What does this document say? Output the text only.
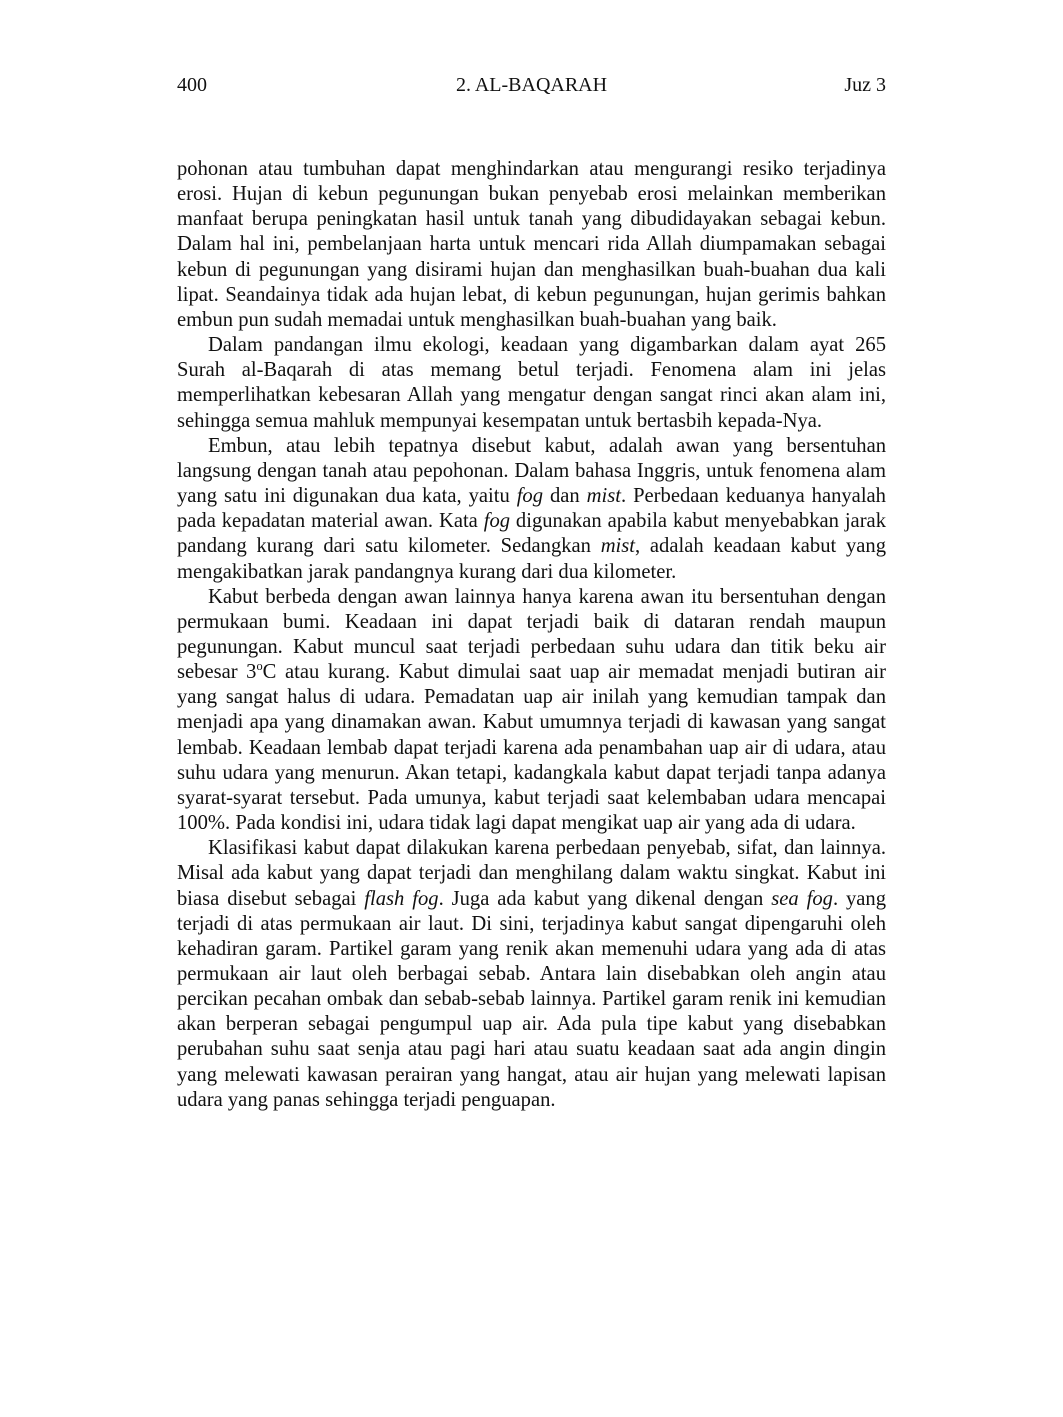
400	2. AL-BAQARAH	Juz 3

pohonan atau tumbuhan dapat menghindarkan atau mengurangi resiko terjadinya erosi. Hujan di kebun pegunungan bukan penyebab erosi melainkan memberikan manfaat berupa peningkatan hasil untuk tanah yang dibudidayakan sebagai kebun. Dalam hal ini, pembelanjaan harta untuk mencari rida Allah diumpamakan sebagai kebun di pegunungan yang disirami hujan dan menghasilkan buah-buahan dua kali lipat. Seandainya tidak ada hujan lebat, di kebun pegunungan, hujan gerimis bahkan embun pun sudah memadai untuk menghasilkan buah-buahan yang baik.

Dalam pandangan ilmu ekologi, keadaan yang digambarkan dalam ayat 265 Surah al-Baqarah di atas memang betul terjadi. Fenomena alam ini jelas memperlihatkan kebesaran Allah yang mengatur dengan sangat rinci akan alam ini, sehingga semua mahluk mempunyai kesempatan untuk bertasbih kepada-Nya.

Embun, atau lebih tepatnya disebut kabut, adalah awan yang bersentuhan langsung dengan tanah atau pepohonan. Dalam bahasa Inggris, untuk fenomena alam yang satu ini digunakan dua kata, yaitu fog dan mist. Perbedaan keduanya hanyalah pada kepadatan material awan. Kata fog digunakan apabila kabut menyebabkan jarak pandang kurang dari satu kilometer. Sedangkan mist, adalah keadaan kabut yang mengakibatkan jarak pandangnya kurang dari dua kilometer.

Kabut berbeda dengan awan lainnya hanya karena awan itu bersentuhan dengan permukaan bumi. Keadaan ini dapat terjadi baik di dataran rendah maupun pegunungan. Kabut muncul saat terjadi perbedaan suhu udara dan titik beku air sebesar 3$^o$C atau kurang. Kabut dimulai saat uap air memadat menjadi butiran air yang sangat halus di udara. Pemadatan uap air inilah yang kemudian tampak dan menjadi apa yang dinamakan awan. Kabut umumnya terjadi di kawasan yang sangat lembab. Keadaan lembab dapat terjadi karena ada penambahan uap air di udara, atau suhu udara yang menurun. Akan tetapi, kadangkala kabut dapat terjadi tanpa adanya syarat-syarat tersebut. Pada umunya, kabut terjadi saat kelembaban udara mencapai 100%. Pada kondisi ini, udara tidak lagi dapat mengikat uap air yang ada di udara.

Klasifikasi kabut dapat dilakukan karena perbedaan penyebab, sifat, dan lainnya. Misal ada kabut yang dapat terjadi dan menghilang dalam waktu singkat. Kabut ini biasa disebut sebagai flash fog. Juga ada kabut yang dikenal dengan sea fog. yang terjadi di atas permukaan air laut. Di sini, terjadinya kabut sangat dipengaruhi oleh kehadiran garam. Partikel garam yang renik akan memenuhi udara yang ada di atas permukaan air laut oleh berbagai sebab. Antara lain disebabkan oleh angin atau percikan pecahan ombak dan sebab-sebab lainnya. Partikel garam renik ini kemudian akan berperan sebagai pengumpul uap air. Ada pula tipe kabut yang disebabkan perubahan suhu saat senja atau pagi hari atau suatu keadaan saat ada angin dingin yang melewati kawasan perairan yang hangat, atau air hujan yang melewati lapisan udara yang panas sehingga terjadi penguapan.
